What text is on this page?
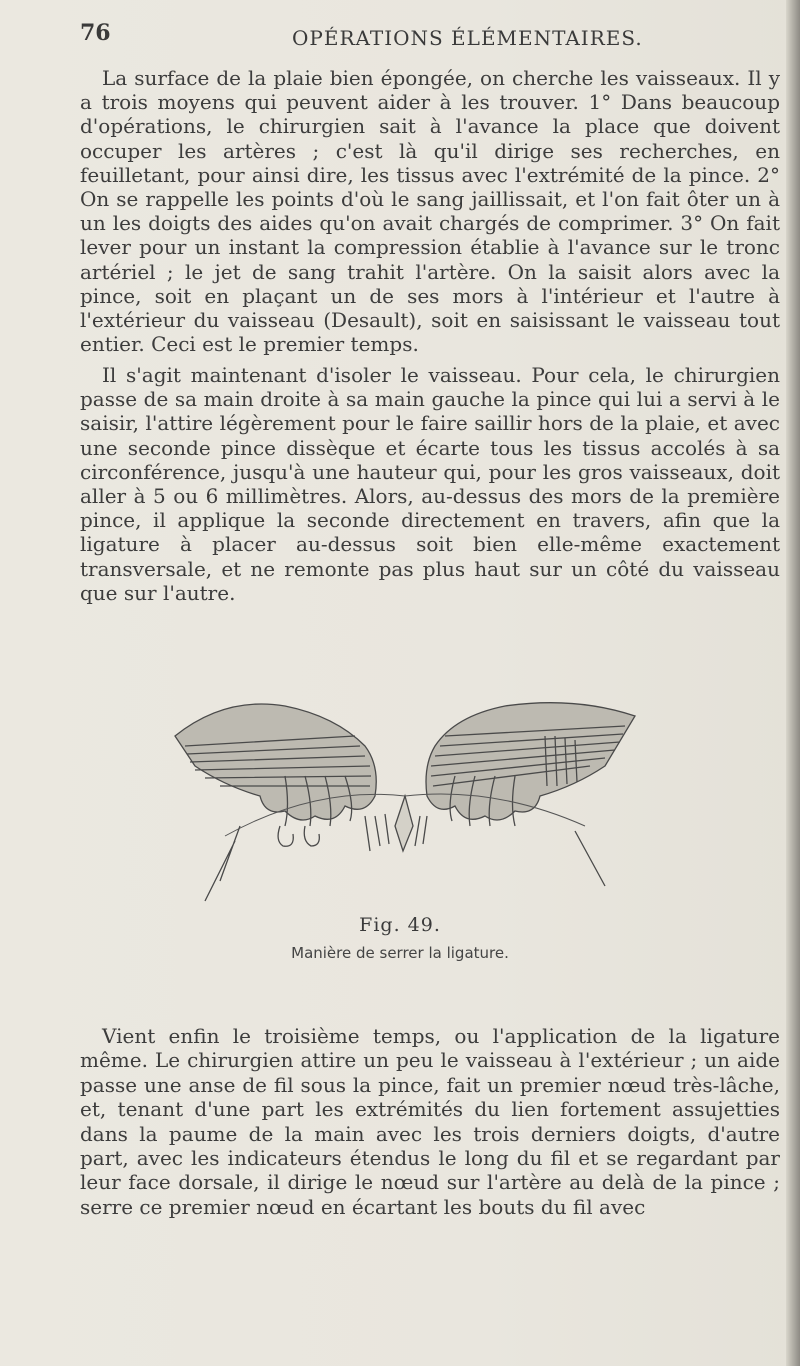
76	OPÉRATIONS ÉLÉMENTAIRES.

La surface de la plaie bien épongée, on cherche les vaisseaux. Il y a trois moyens qui peuvent aider à les trouver. 1° Dans beaucoup d'opérations, le chirurgien sait à l'avance la place que doivent occuper les artères ; c'est là qu'il dirige ses recherches, en feuilletant, pour ainsi dire, les tissus avec l'extrémité de la pince. 2° On se rappelle les points d'où le sang jaillissait, et l'on fait ôter un à un les doigts des aides qu'on avait chargés de comprimer. 3° On fait lever pour un instant la compression établie à l'avance sur le tronc artériel ; le jet de sang trahit l'artère. On la saisit alors avec la pince, soit en plaçant un de ses mors à l'intérieur et l'autre à l'extérieur du vaisseau (Desault), soit en saisissant le vaisseau tout entier. Ceci est le premier temps.

Il s'agit maintenant d'isoler le vaisseau. Pour cela, le chirurgien passe de sa main droite à sa main gauche la pince qui lui a servi à le saisir, l'attire légèrement pour le faire saillir hors de la plaie, et avec une seconde pince dissèque et écarte tous les tissus accolés à sa circonférence, jusqu'à une hauteur qui, pour les gros vaisseaux, doit aller à 5 ou 6 millimètres. Alors, au-dessus des mors de la première pince, il applique la seconde directement en travers, afin que la ligature à placer au-dessus soit bien elle-même exactement transversale, et ne remonte pas plus haut sur un côté du vaisseau que sur l'autre.

Fig. 49.
Manière de serrer la ligature.

Vient enfin le troisième temps, ou l'application de la ligature même. Le chirurgien attire un peu le vaisseau à l'extérieur ; un aide passe une anse de fil sous la pince, fait un premier nœud très-lâche, et, tenant d'une part les extrémités du lien fortement assujetties dans la paume de la main avec les trois derniers doigts, d'autre part, avec les indicateurs étendus le long du fil et se regardant par leur face dorsale, il dirige le nœud sur l'artère au delà de la pince ; serre ce premier nœud en écartant les bouts du fil avec
